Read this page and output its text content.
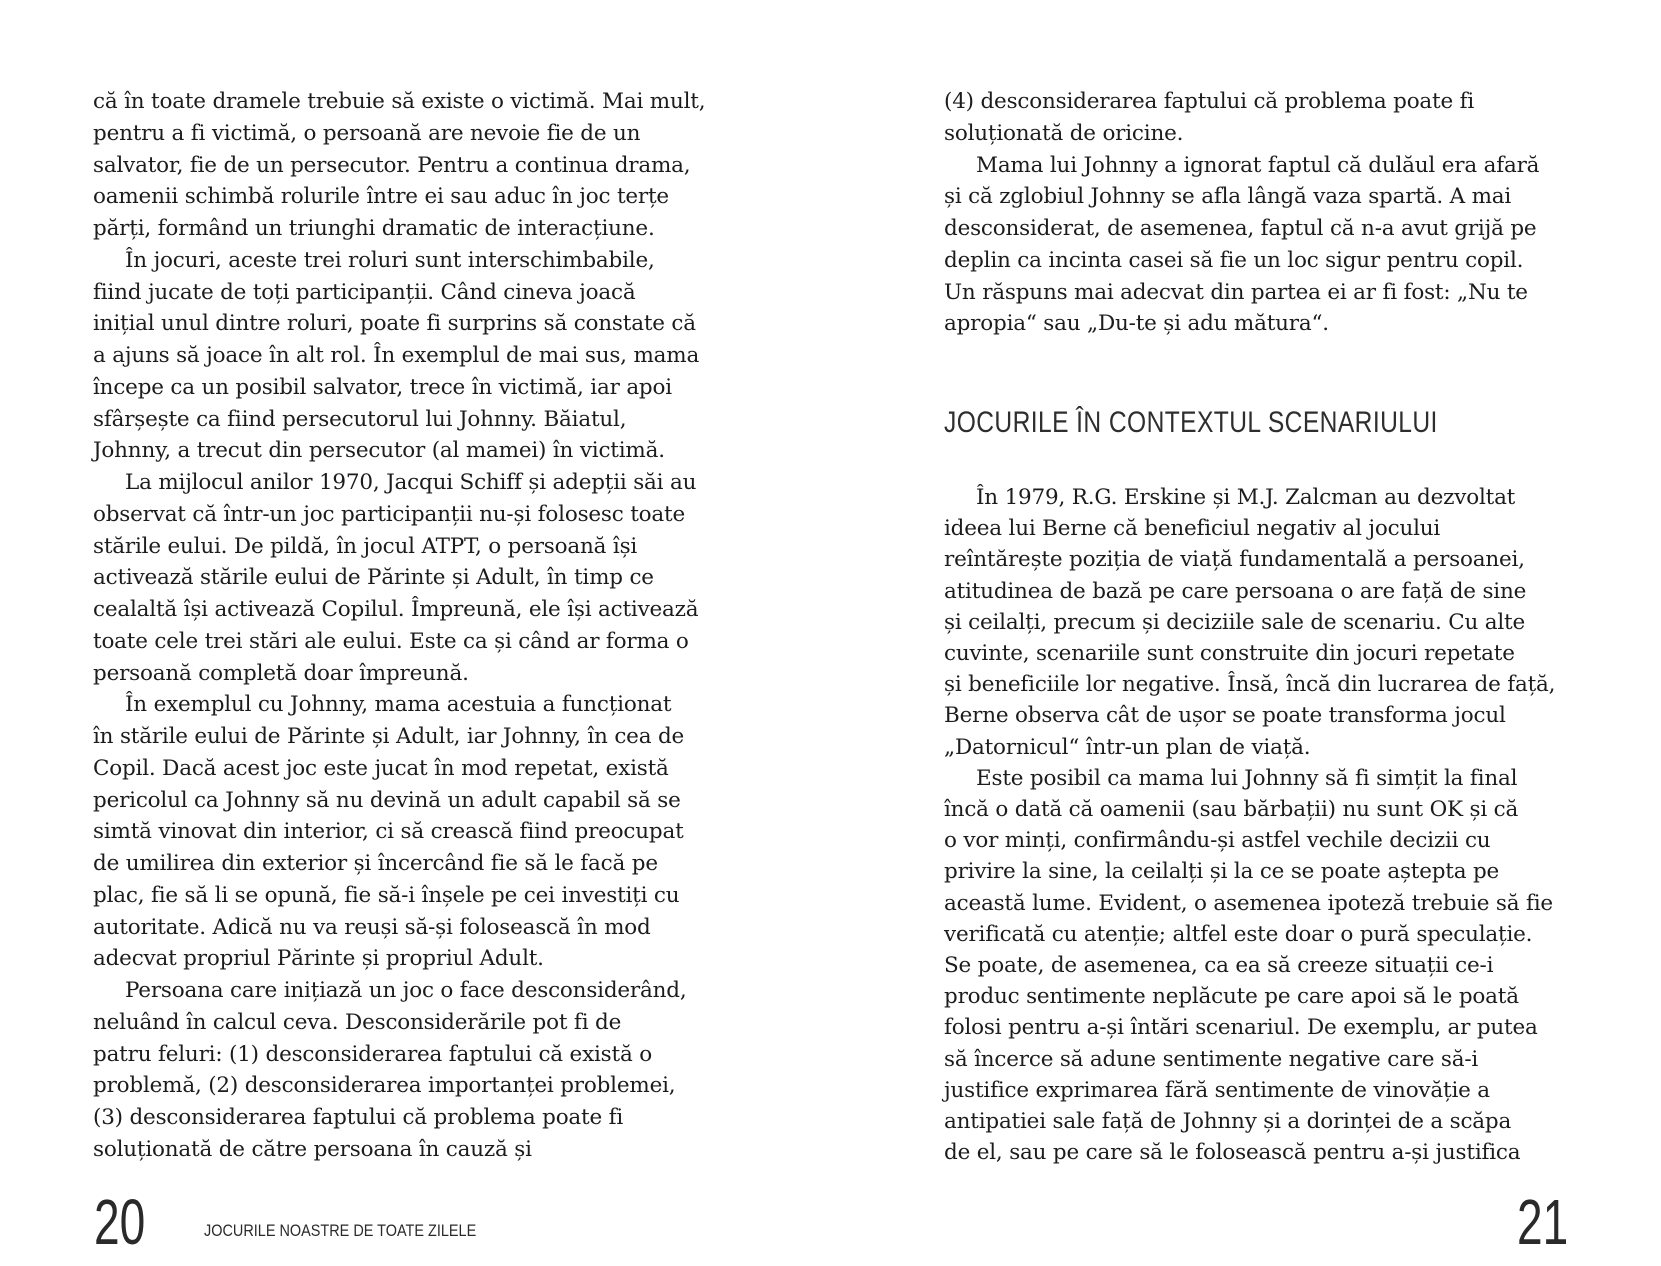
că în toate dramele trebuie să existe o victimă. Mai mult,
pentru a fi victimă, o persoană are nevoie fie de un
salvator, fie de un persecutor. Pentru a continua drama,
oamenii schimbă rolurile între ei sau aduc în joc terțe
părți, formând un triunghi dramatic de interacțiune.
În jocuri, aceste trei roluri sunt interschimbabile,
fiind jucate de toți participanții. Când cineva joacă
inițial unul dintre roluri, poate fi surprins să constate că
a ajuns să joace în alt rol. În exemplul de mai sus, mama
începe ca un posibil salvator, trece în victimă, iar apoi
sfârșește ca fiind persecutorul lui Johnny. Băiatul,
Johnny, a trecut din persecutor (al mamei) în victimă.
La mijlocul anilor 1970, Jacqui Schiff și adepții săi au
observat că într-un joc participanții nu-și folosesc toate
stările eului. De pildă, în jocul ATPT, o persoană își
activează stările eului de Părinte și Adult, în timp ce
cealaltă își activează Copilul. Împreună, ele își activează
toate cele trei stări ale eului. Este ca și când ar forma o
persoană completă doar împreună.
În exemplul cu Johnny, mama acestuia a funcționat
în stările eului de Părinte și Adult, iar Johnny, în cea de
Copil. Dacă acest joc este jucat în mod repetat, există
pericolul ca Johnny să nu devină un adult capabil să se
simtă vinovat din interior, ci să crească fiind preocupat
de umilirea din exterior și încercând fie să le facă pe
plac, fie să li se opună, fie să-i înșele pe cei investiți cu
autoritate. Adică nu va reuși să-și folosească în mod
adecvat propriul Părinte și propriul Adult.
Persoana care inițiază un joc o face desconsiderând,
neluând în calcul ceva. Desconsiderările pot fi de
patru feluri: (1) desconsiderarea faptului că există o
problemă, (2) desconsiderarea importanței problemei,
(3) desconsiderarea faptului că problema poate fi
soluționată de către persoana în cauză și
(4) desconsiderarea faptului că problema poate fi
soluționată de oricine.
Mama lui Johnny a ignorat faptul că dulăul era afară
și că zglobiul Johnny se afla lângă vaza spartă. A mai
desconsiderat, de asemenea, faptul că n-a avut grijă pe
deplin ca incinta casei să fie un loc sigur pentru copil.
Un răspuns mai adecvat din partea ei ar fi fost: „Nu te
apropia“ sau „Du-te și adu mătura“.
În 1979, R.G. Erskine și M.J. Zalcman au dezvoltat
ideea lui Berne că beneficiul negativ al jocului
reîntărește poziția de viață fundamentală a persoanei,
atitudinea de bază pe care persoana o are față de sine
și ceilalți, precum și deciziile sale de scenariu. Cu alte
cuvinte, scenariile sunt construite din jocuri repetate
și beneficiile lor negative. Însă, încă din lucrarea de față,
Berne observa cât de ușor se poate transforma jocul
„Datornicul“ într-un plan de viață.
Este posibil ca mama lui Johnny să fi simțit la final
încă o dată că oamenii (sau bărbații) nu sunt OK și că
o vor minți, confirmându-și astfel vechile decizii cu
privire la sine, la ceilalți și la ce se poate aștepta pe
această lume. Evident, o asemenea ipoteză trebuie să fie
verificată cu atenție; altfel este doar o pură speculație.
Se poate, de asemenea, ca ea să creeze situații ce-i
produc sentimente neplăcute pe care apoi să le poată
folosi pentru a-și întări scenariul. De exemplu, ar putea
să încerce să adune sentimente negative care să-i
justifice exprimarea fără sentimente de vinovăție a
antipatiei sale față de Johnny și a dorinței de a scăpa
de el, sau pe care să le folosească pentru a-și justifica
JOCURILE ÎN CONTEXTUL SCENARIULUI
20	JOCURILE NOASTRE DE TOATE ZILELE	21
